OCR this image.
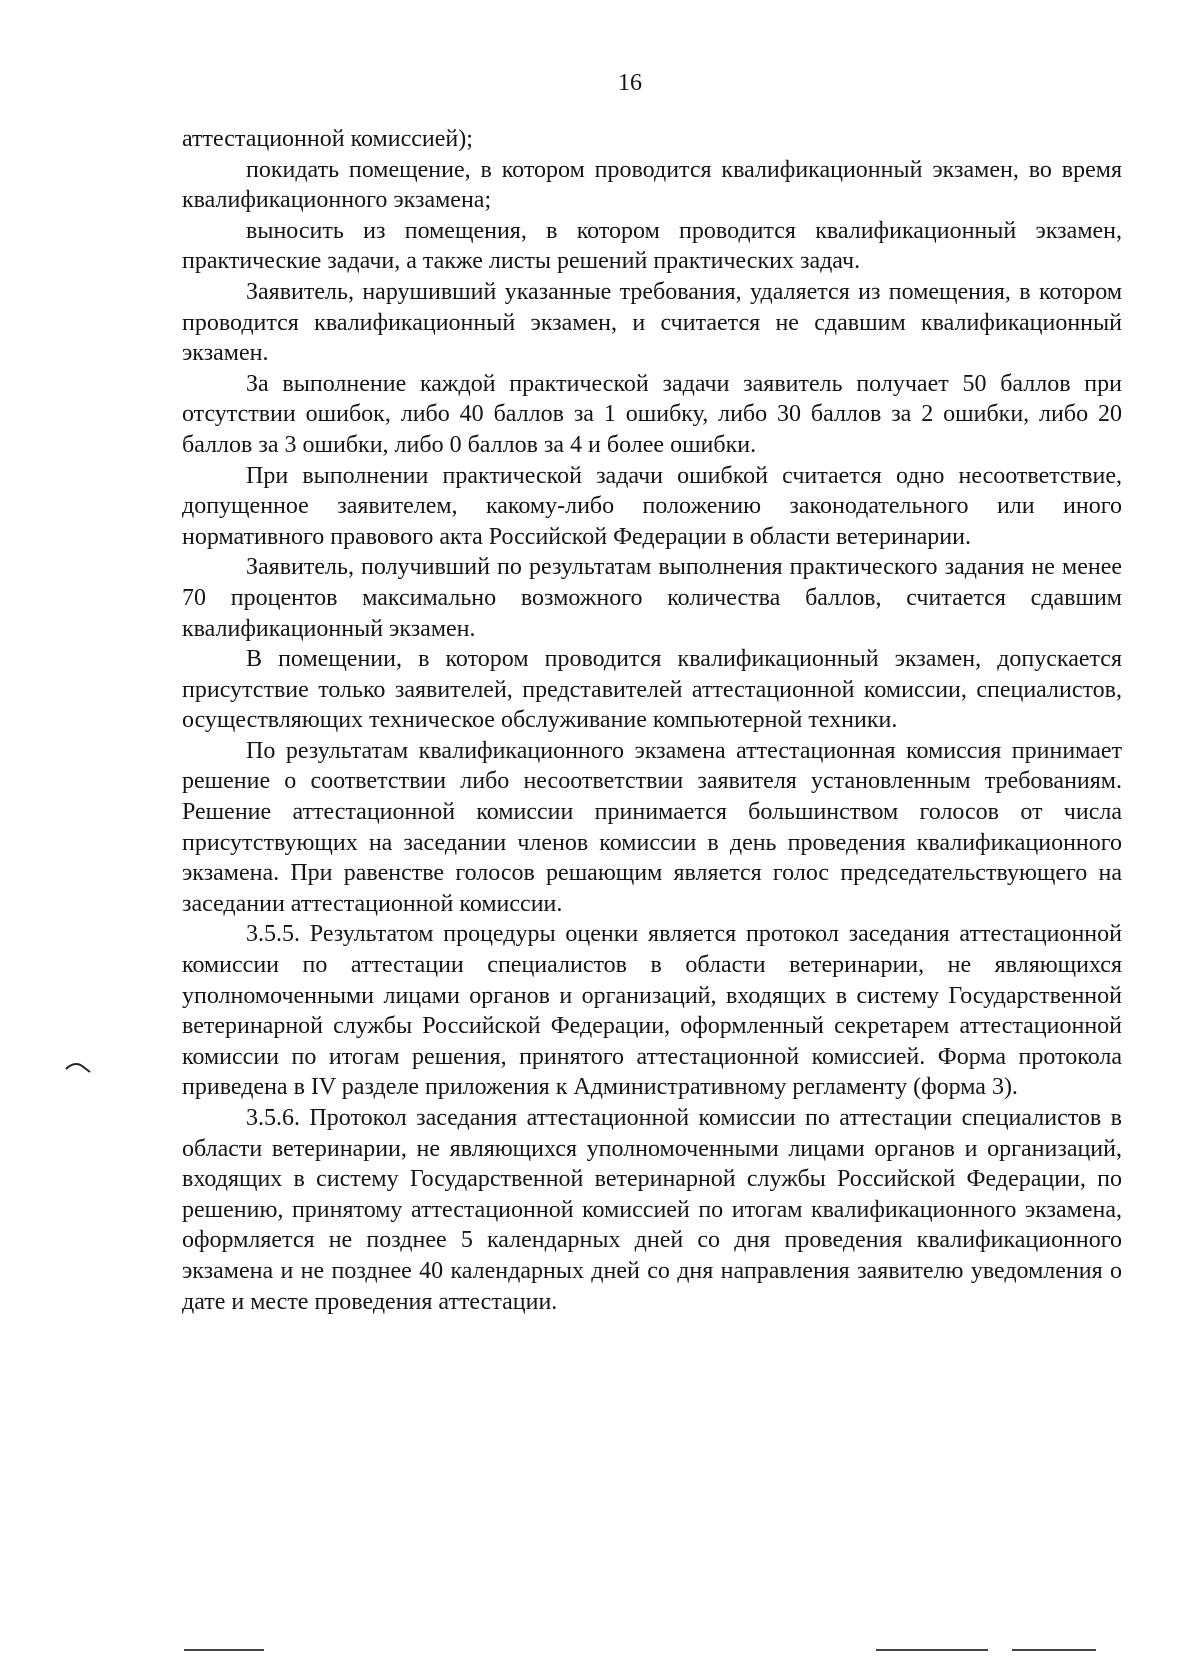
16

аттестационной комиссией);

покидать помещение, в котором проводится квалификационный экзамен, во время квалификационного экзамена;

выносить из помещения, в котором проводится квалификационный экзамен, практические задачи, а также листы решений практических задач.

Заявитель, нарушивший указанные требования, удаляется из помещения, в котором проводится квалификационный экзамен, и считается не сдавшим квалификационный экзамен.

За выполнение каждой практической задачи заявитель получает 50 баллов при отсутствии ошибок, либо 40 баллов за 1 ошибку, либо 30 баллов за 2 ошибки, либо 20 баллов за 3 ошибки, либо 0 баллов за 4 и более ошибки.

При выполнении практической задачи ошибкой считается одно несоответствие, допущенное заявителем, какому-либо положению законодательного или иного нормативного правового акта Российской Федерации в области ветеринарии.

Заявитель, получивший по результатам выполнения практического задания не менее 70 процентов максимально возможного количества баллов, считается сдавшим квалификационный экзамен.

В помещении, в котором проводится квалификационный экзамен, допускается присутствие только заявителей, представителей аттестационной комиссии, специалистов, осуществляющих техническое обслуживание компьютерной техники.

По результатам квалификационного экзамена аттестационная комиссия принимает решение о соответствии либо несоответствии заявителя установленным требованиям. Решение аттестационной комиссии принимается большинством голосов от числа присутствующих на заседании членов комиссии в день проведения квалификационного экзамена. При равенстве голосов решающим является голос председательствующего на заседании аттестационной комиссии.

3.5.5. Результатом процедуры оценки является протокол заседания аттестационной комиссии по аттестации специалистов в области ветеринарии, не являющихся уполномоченными лицами органов и организаций, входящих в систему Государственной ветеринарной службы Российской Федерации, оформленный секретарем аттестационной комиссии по итогам решения, принятого аттестационной комиссией. Форма протокола приведена в IV разделе приложения к Административному регламенту (форма 3).

3.5.6. Протокол заседания аттестационной комиссии по аттестации специалистов в области ветеринарии, не являющихся уполномоченными лицами органов и организаций, входящих в систему Государственной ветеринарной службы Российской Федерации, по решению, принятому аттестационной комиссией по итогам квалификационного экзамена, оформляется не позднее 5 календарных дней со дня проведения квалификационного экзамена и не позднее 40 календарных дней со дня направления заявителю уведомления о дате и месте проведения аттестации.
